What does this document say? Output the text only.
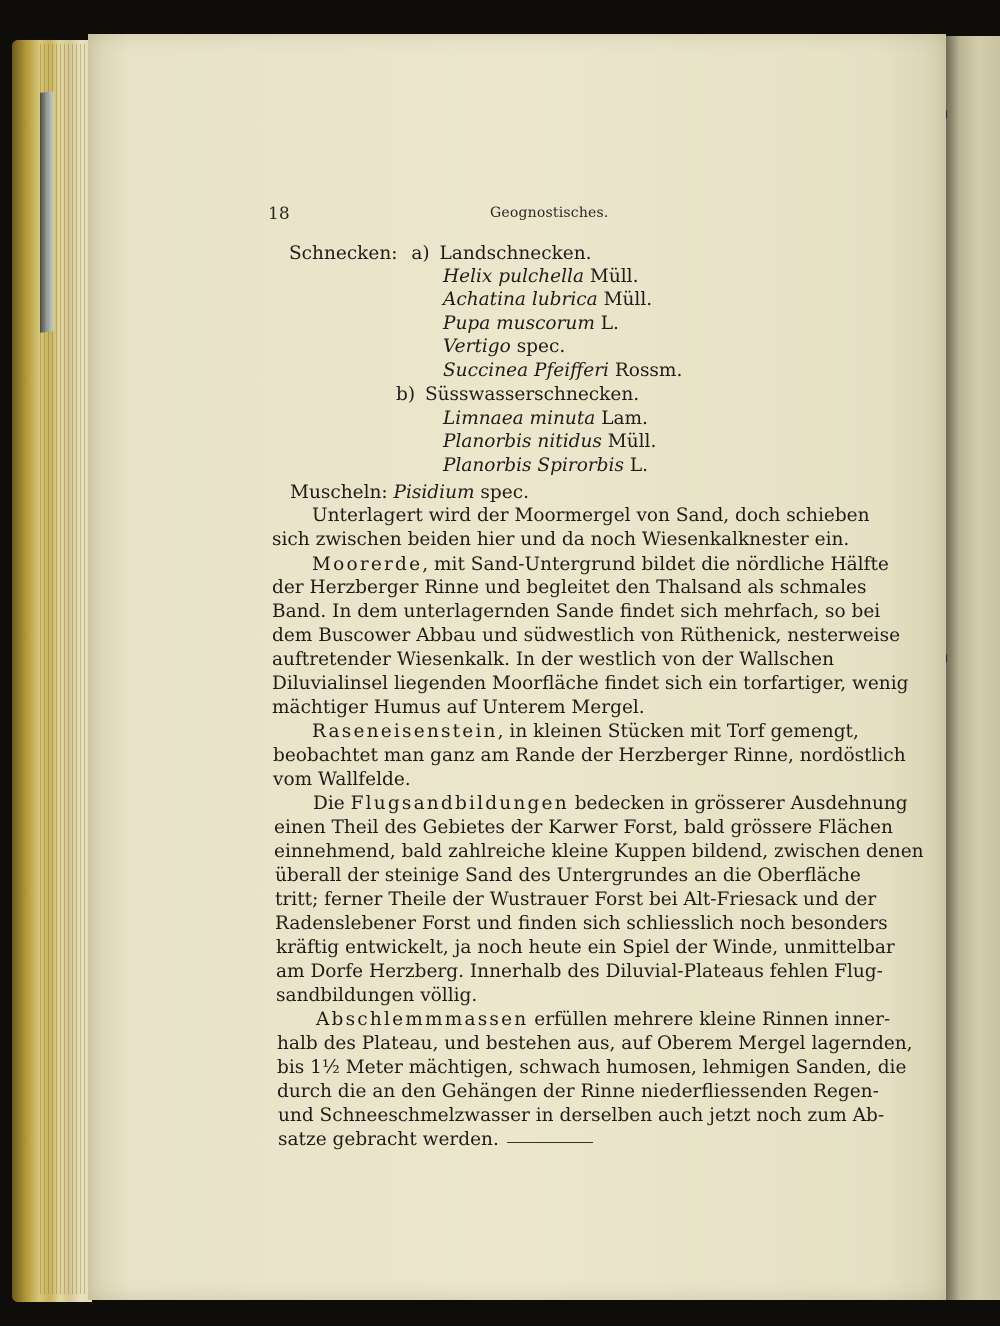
18	Geognostisches.
Schnecken: a) Landschnecken.
Helix pulchella Müll.
Achatina lubrica Müll.
Pupa muscorum L.
Vertigo spec.
Succinea Pfeifferi Rossm.
b) Süsswasserschnecken.
Limnaea minuta Lam.
Planorbis nitidus Müll.
Planorbis Spirorbis L.
Muscheln: Pisidium spec.
Unterlagert wird der Moormergel von Sand, doch schieben
sich zwischen beiden hier und da noch Wiesenkalknester ein.
Moorerde, mit Sand-Untergrund bildet die nördliche Hälfte
der Herzberger Rinne und begleitet den Thalsand als schmales
Band. In dem unterlagernden Sande findet sich mehrfach, so bei
dem Buscower Abbau und südwestlich von Rüthenick, nesterweise
auftretender Wiesenkalk. In der westlich von der Wallschen
Diluvialinsel liegenden Moorfläche findet sich ein torfartiger, wenig
mächtiger Humus auf Unterem Mergel.
Raseneisenstein, in kleinen Stücken mit Torf gemengt,
beobachtet man ganz am Rande der Herzberger Rinne, nordöstlich
vom Wallfelde.
Die Flugsandbildungen bedecken in grösserer Ausdehnung
einen Theil des Gebietes der Karwer Forst, bald grössere Flächen
einnehmend, bald zahlreiche kleine Kuppen bildend, zwischen denen
überall der steinige Sand des Untergrundes an die Oberfläche
tritt; ferner Theile der Wustrauer Forst bei Alt-Friesack und der
Radenslebener Forst und finden sich schliesslich noch besonders
kräftig entwickelt, ja noch heute ein Spiel der Winde, unmittelbar
am Dorfe Herzberg. Innerhalb des Diluvial-Plateaus fehlen Flug-
sandbildungen völlig.
Abschlemmmassen erfüllen mehrere kleine Rinnen inner-
halb des Plateau, und bestehen aus, auf Oberem Mergel lagernden,
bis 1½ Meter mächtigen, schwach humosen, lehmigen Sanden, die
durch die an den Gehängen der Rinne niederfliessenden Regen-
und Schneeschmelzwasser in derselben auch jetzt noch zum Ab-
satze gebracht werden.
